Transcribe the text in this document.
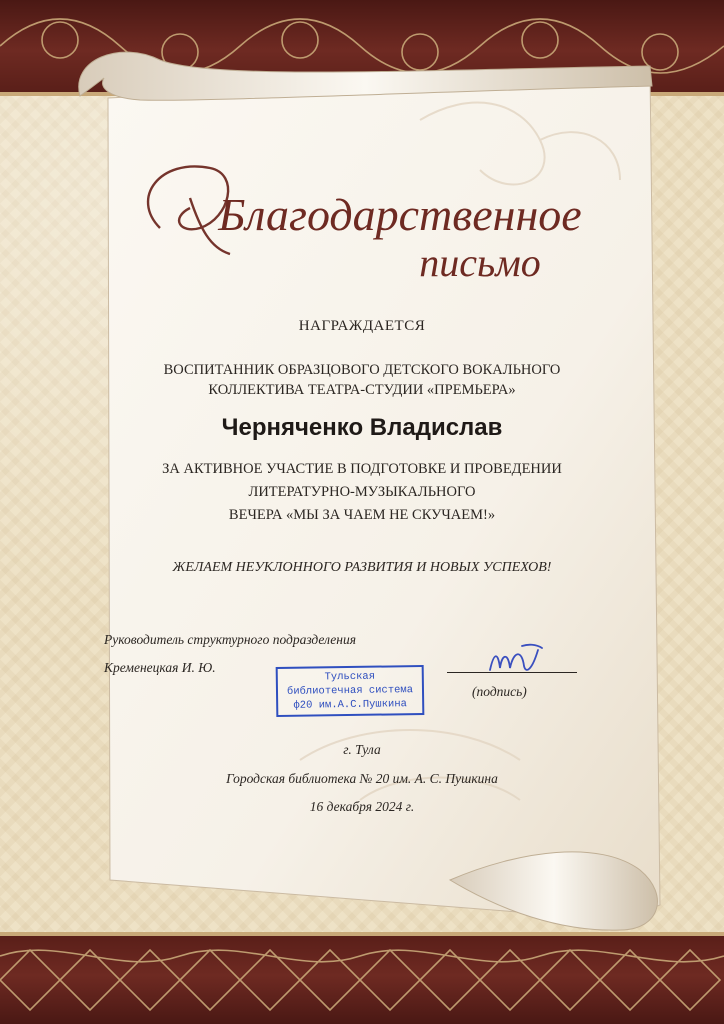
Благодарственное
письмо
НАГРАЖДАЕТСЯ
ВОСПИТАННИК ОБРАЗЦОВОГО ДЕТСКОГО ВОКАЛЬНОГО
КОЛЛЕКТИВА ТЕАТРА-СТУДИИ «ПРЕМЬЕРА»
Черняченко Владислав
ЗА АКТИВНОЕ УЧАСТИЕ В ПОДГОТОВКЕ И ПРОВЕДЕНИИ
ЛИТЕРАТУРНО-МУЗЫКАЛЬНОГО
ВЕЧЕРА «МЫ ЗА ЧАЕМ НЕ СКУЧАЕМ!»
ЖЕЛАЕМ НЕУКЛОННОГО РАЗВИТИЯ И НОВЫХ УСПЕХОВ!
Руководитель структурного подразделения
Кременецкая И. Ю.
Тульская
библиотечная система
ф20 им.А.С.Пушкина
(подпись)
г. Тула
Городская библиотека № 20 им. А. С. Пушкина
16 декабря 2024 г.
